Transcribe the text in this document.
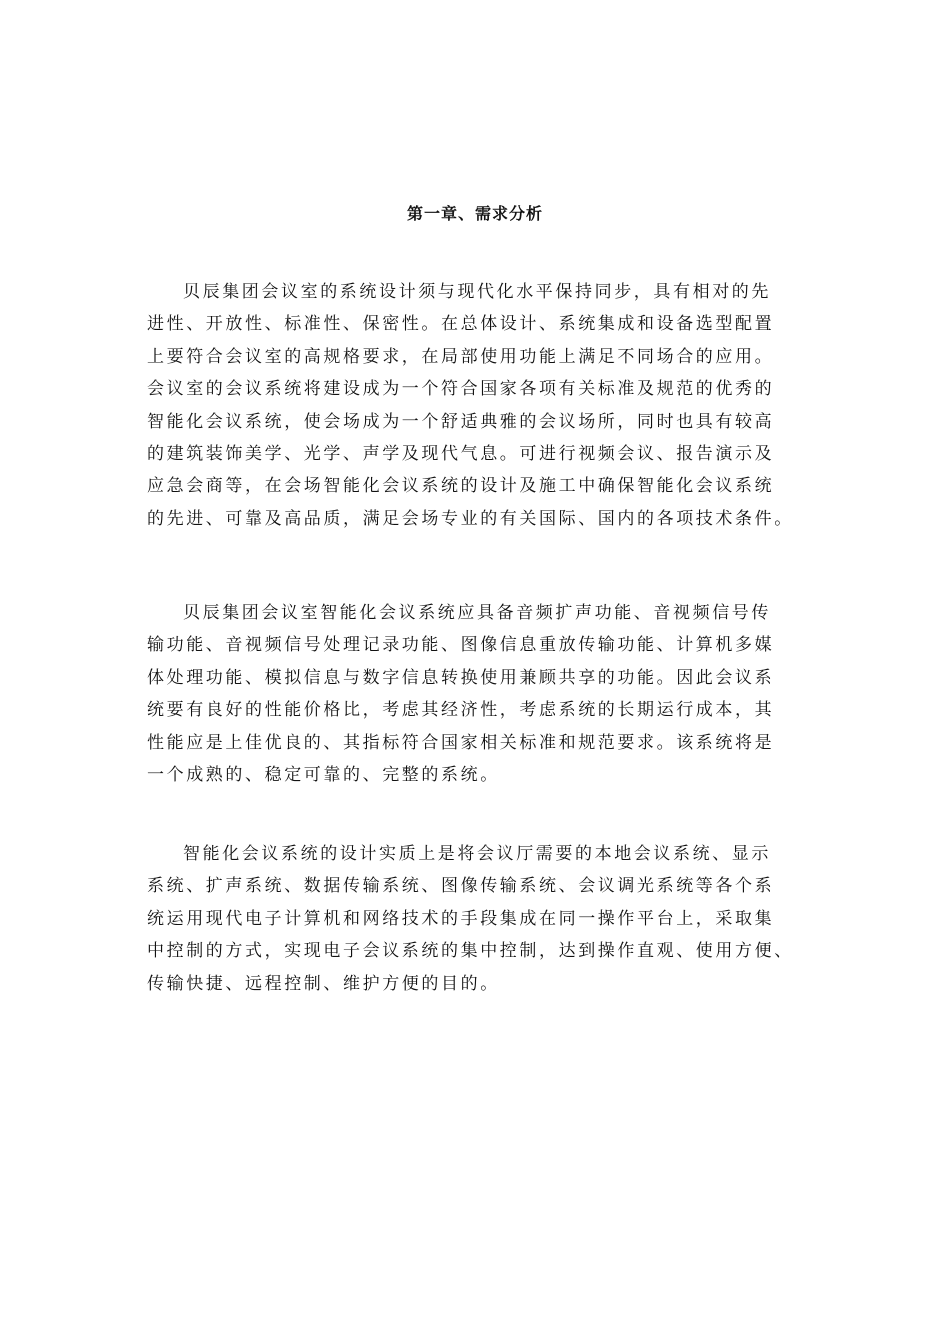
第一章、需求分析
贝辰集团会议室的系统设计须与现代化水平保持同步，具有相对的先
进性、开放性、标准性、保密性。在总体设计、系统集成和设备选型配置
上要符合会议室的高规格要求，在局部使用功能上满足不同场合的应用。
会议室的会议系统将建设成为一个符合国家各项有关标准及规范的优秀的
智能化会议系统，使会场成为一个舒适典雅的会议场所，同时也具有较高
的建筑装饰美学、光学、声学及现代气息。可进行视频会议、报告演示及
应急会商等，在会场智能化会议系统的设计及施工中确保智能化会议系统
的先进、可靠及高品质，满足会场专业的有关国际、国内的各项技术条件。
贝辰集团会议室智能化会议系统应具备音频扩声功能、音视频信号传
输功能、音视频信号处理记录功能、图像信息重放传输功能、计算机多媒
体处理功能、模拟信息与数字信息转换使用兼顾共享的功能。因此会议系
统要有良好的性能价格比，考虑其经济性，考虑系统的长期运行成本，其
性能应是上佳优良的、其指标符合国家相关标准和规范要求。该系统将是
一个成熟的、稳定可靠的、完整的系统。
智能化会议系统的设计实质上是将会议厅需要的本地会议系统、显示
系统、扩声系统、数据传输系统、图像传输系统、会议调光系统等各个系
统运用现代电子计算机和网络技术的手段集成在同一操作平台上，采取集
中控制的方式，实现电子会议系统的集中控制，达到操作直观、使用方便、
传输快捷、远程控制、维护方便的目的。
